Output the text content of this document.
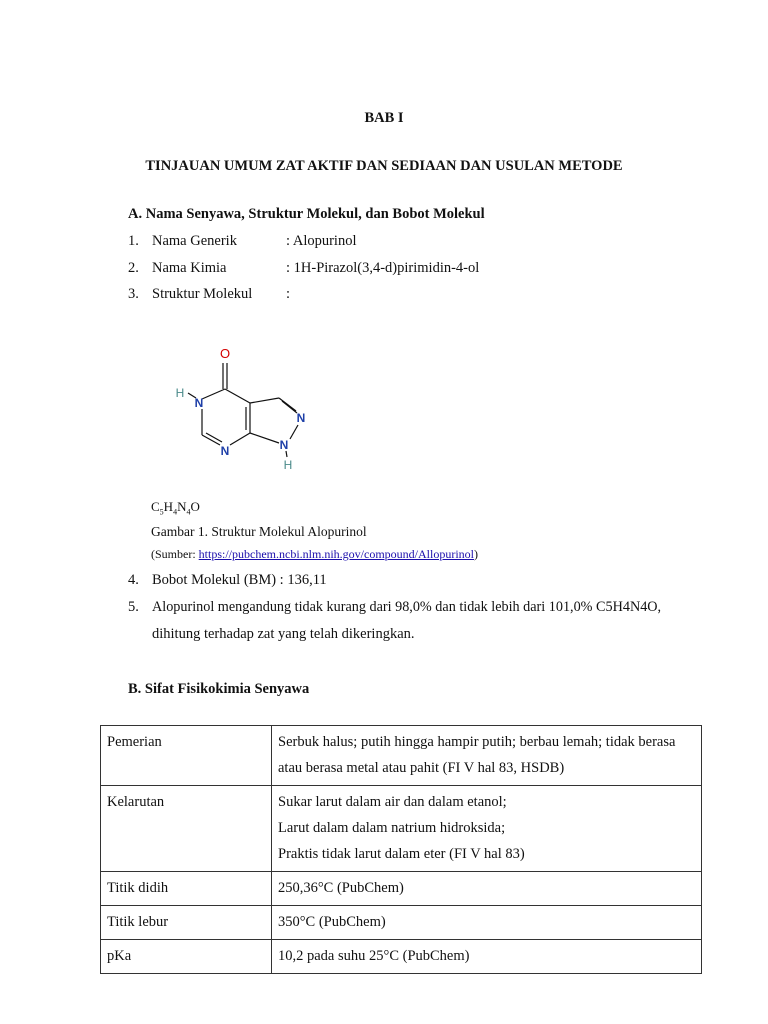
BAB I
TINJAUAN UMUM ZAT AKTIF DAN SEDIAAN DAN USULAN METODE
A. Nama Senyawa, Struktur Molekul, dan Bobot Molekul
1. Nama Generik	: Alopurinol
2. Nama Kimia	: 1H-Pirazol(3,4-d)pirimidin-4-ol
3. Struktur Molekul :
O
H
N
N
N
N
H
$C_5H_4N_4O$
Gambar 1. Struktur Molekul Alopurinol
(Sumber: https://pubchem.ncbi.nlm.nih.gov/compound/Allopurinol)
4. Bobot Molekul (BM) : 136,11
5. Alopurinol mengandung tidak kurang dari 98,0% dan tidak lebih dari 101,0% C5H4N4O,
dihitung terhadap zat yang telah dikeringkan.
B. Sifat Fisikokimia Senyawa
Pemerian	Serbuk halus; putih hingga hampir putih; berbau lemah; tidak berasa
atau berasa metal atau pahit (FI V hal 83, HSDB)

Kelarutan	Sukar larut dalam air dan dalam etanol;
Larut dalam dalam natrium hidroksida;
Praktis tidak larut dalam eter (FI V hal 83)

Titik didih	250,36°C (PubChem)

Titik lebur	350°C (PubChem)

pKa	10,2 pada suhu 25°C (PubChem)
